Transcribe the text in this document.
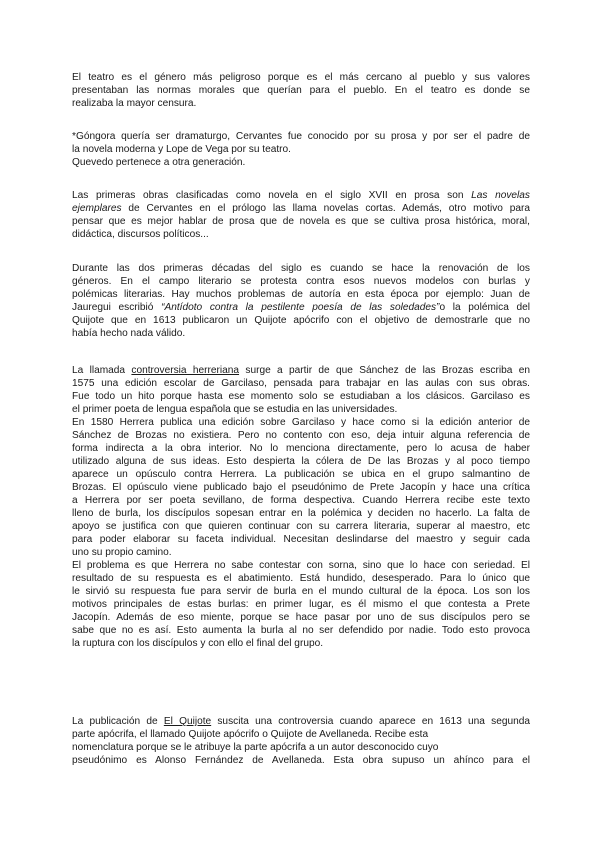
El teatro es el género más peligroso porque es el más cercano al pueblo y sus valores
presentaban las normas morales que querían para el pueblo. En el teatro es donde se
realizaba la mayor censura.
*Góngora quería ser dramaturgo, Cervantes fue conocido por su prosa y por ser el padre de
la novela moderna y Lope de Vega por su teatro.
Quevedo pertenece a otra generación.
Las primeras obras clasificadas como novela en el siglo XVII en prosa son Las novelas
ejemplares de Cervantes en el prólogo las llama novelas cortas. Además, otro motivo para
pensar que es mejor hablar de prosa que de novela es que se cultiva prosa histórica, moral,
didáctica, discursos políticos...
Durante las dos primeras décadas del siglo es cuando se hace la renovación de los
géneros. En el campo literario se protesta contra esos nuevos modelos con burlas y
polémicas literarias. Hay muchos problemas de autoría en esta época por ejemplo: Juan de
Jauregui escribió “Antídoto contra la pestilente poesía de las soledades”o la polémica del
Quijote que en 1613 publicaron un Quijote apócrifo con el objetivo de demostrarle que no
había hecho nada válido.
La llamada controversia herreriana surge a partir de que Sánchez de las Brozas escriba en
1575 una edición escolar de Garcilaso, pensada para trabajar en las aulas con sus obras.
Fue todo un hito porque hasta ese momento solo se estudiaban a los clásicos. Garcilaso es
el primer poeta de lengua española que se estudia en las universidades.
En 1580 Herrera publica una edición sobre Garcilaso y hace como si la edición anterior de
Sánchez de Brozas no existiera. Pero no contento con eso, deja intuir alguna referencia de
forma indirecta a la obra interior. No lo menciona directamente, pero lo acusa de haber
utilizado alguna de sus ideas. Esto despierta la cólera de De las Brozas y al poco tiempo
aparece un opúsculo contra Herrera. La publicación se ubica en el grupo salmantino de
Brozas. El opúsculo viene publicado bajo el pseudónimo de Prete Jacopín y hace una crítica
a Herrera por ser poeta sevillano, de forma despectiva. Cuando Herrera recibe este texto
lleno de burla, los discípulos sopesan entrar en la polémica y deciden no hacerlo. La falta de
apoyo se justifica con que quieren continuar con su carrera literaria, superar al maestro, etc
para poder elaborar su faceta individual. Necesitan deslindarse del maestro y seguir cada
uno su propio camino.
El problema es que Herrera no sabe contestar con sorna, sino que lo hace con seriedad. El
resultado de su respuesta es el abatimiento. Está hundido, desesperado. Para lo único que
le sirvió su respuesta fue para servir de burla en el mundo cultural de la época. Los son los
motivos principales de estas burlas: en primer lugar, es él mismo el que contesta a Prete
Jacopín. Además de eso miente, porque se hace pasar por uno de sus discípulos pero se
sabe que no es así. Esto aumenta la burla al no ser defendido por nadie. Todo esto provoca
la ruptura con los discípulos y con ello el final del grupo.
La publicación de El Quijote suscita una controversia cuando aparece en 1613 una segunda
parte apócrifa, el llamado Quijote apócrifo o Quijote de Avellaneda. Recibe esta
nomenclatura porque se le atribuye la parte apócrifa a un autor desconocido cuyo
pseudónimo es Alonso Fernández de Avellaneda. Esta obra supuso un ahínco para el
